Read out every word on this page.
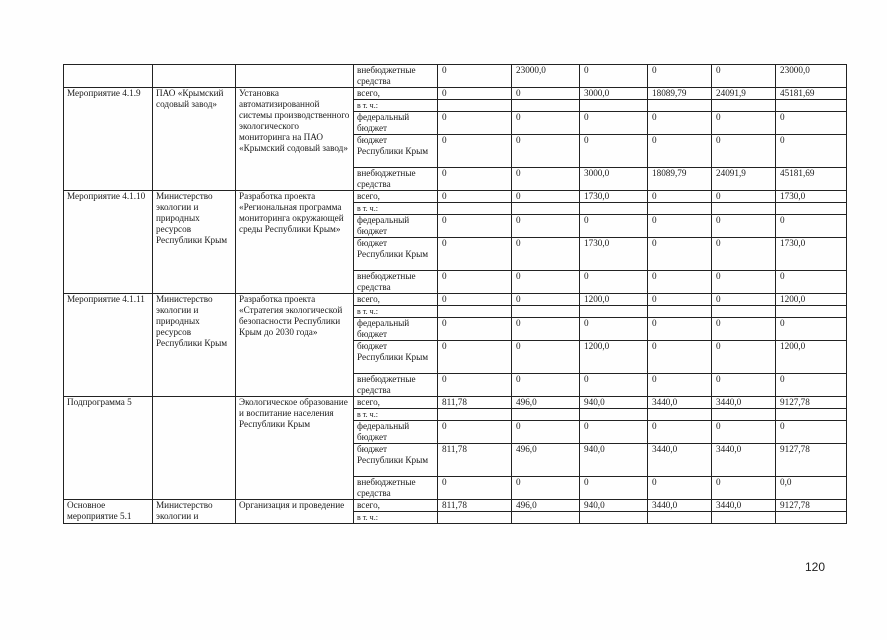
			внебюджетные средства	0	23000,0	0	0	0	23000,0
Мероприятие 4.1.9	ПАО «Крымский содовый завод»	Установка автоматизированной системы производственного экологического мониторинга на ПАО «Крымский содовый завод»	всего,	0	0	3000,0	18089,79	24091,9	45181,69
			в т. ч.:						
			федеральный бюджет	0	0	0	0	0	0
			бюджет Республики Крым	0	0	0	0	0	0
			внебюджетные средства	0	0	3000,0	18089,79	24091,9	45181,69
Мероприятие 4.1.10	Министерство экологии и природных ресурсов Республики Крым	Разработка проекта «Региональная программа мониторинга окружающей среды Республики Крым»	всего,	0	0	1730,0	0	0	1730,0
			в т. ч.:						
			федеральный бюджет	0	0	0	0	0	0
			бюджет Республики Крым	0	0	1730,0	0	0	1730,0
			внебюджетные средства	0	0	0	0	0	0
Мероприятие 4.1.11	Министерство экологии и природных ресурсов Республики Крым	Разработка проекта «Стратегия экологической безопасности Республики Крым до 2030 года»	всего,	0	0	1200,0	0	0	1200,0
			в т. ч.:						
			федеральный бюджет	0	0	0	0	0	0
			бюджет Республики Крым	0	0	1200,0	0	0	1200,0
			внебюджетные средства	0	0	0	0	0	0
Подпрограмма 5		Экологическое образование и воспитание населения Республики Крым	всего,	811,78	496,0	940,0	3440,0	3440,0	9127,78
			в т. ч.:						
			федеральный бюджет	0	0	0	0	0	0
			бюджет Республики Крым	811,78	496,0	940,0	3440,0	3440,0	9127,78
			внебюджетные средства	0	0	0	0	0	0,0
Основное мероприятие 5.1	Министерство экологии и	Организация и проведение	всего,	811,78	496,0	940,0	3440,0	3440,0	9127,78
			в т. ч.:						
120
